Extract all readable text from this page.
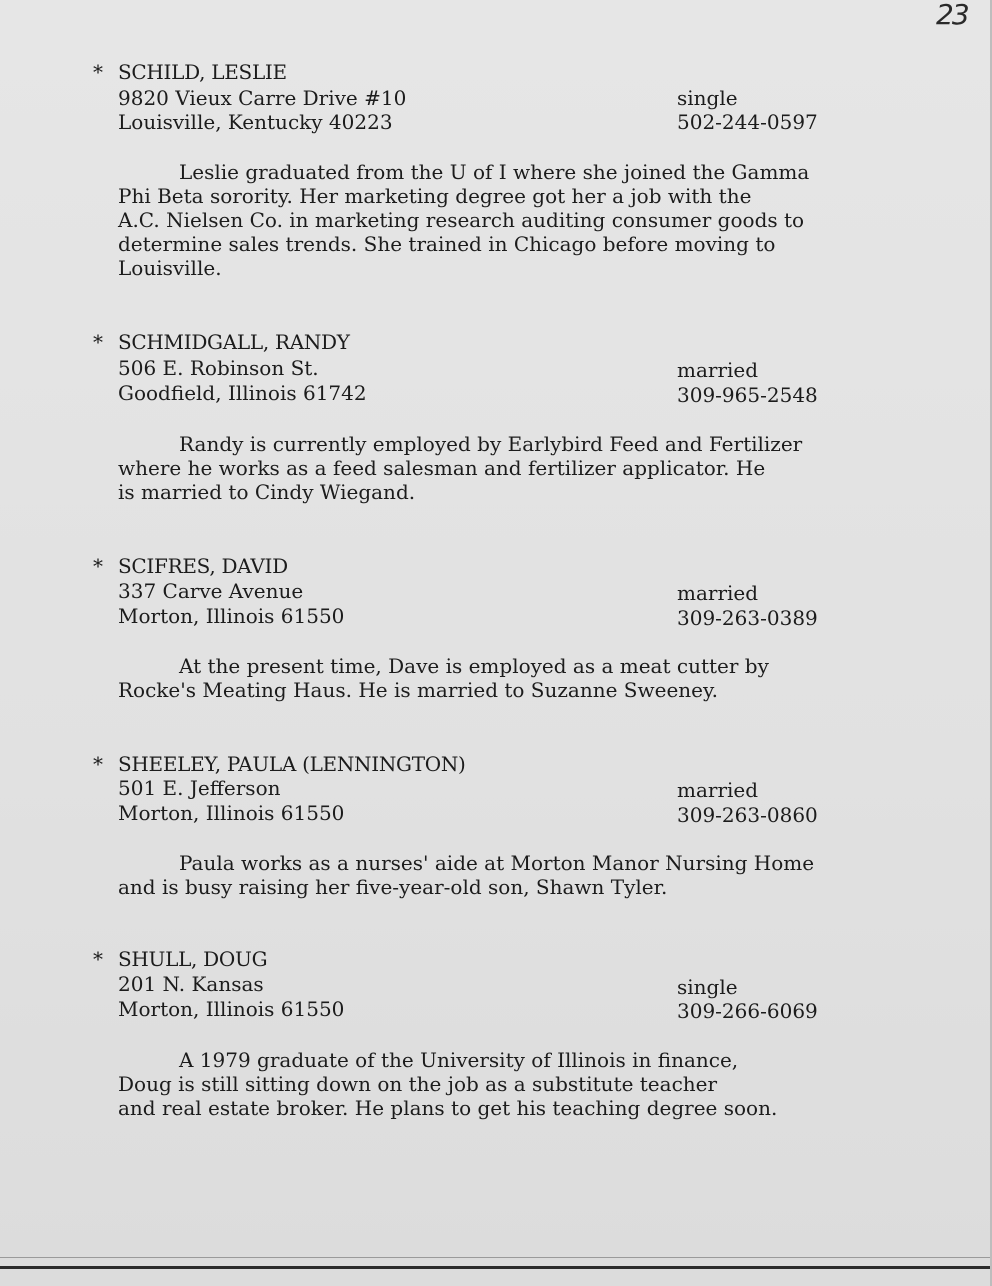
23
* SCHILD, LESLIE
9820 Vieux Carre Drive #10	single
Louisville, Kentucky 40223	502-244-0597
Leslie graduated from the U of I where she joined the Gamma
Phi Beta sorority. Her marketing degree got her a job with the
A.C. Nielsen Co. in marketing research auditing consumer goods to
determine sales trends. She trained in Chicago before moving to
Louisville.
* SCHMIDGALL, RANDY
506 E. Robinson St.	married
Goodfield, Illinois 61742	309-965-2548
Randy is currently employed by Earlybird Feed and Fertilizer
where he works as a feed salesman and fertilizer applicator. He
is married to Cindy Wiegand.
* SCIFRES, DAVID
337 Carve Avenue	married
Morton, Illinois 61550	309-263-0389
At the present time, Dave is employed as a meat cutter by
Rocke's Meating Haus. He is married to Suzanne Sweeney.
* SHEELEY, PAULA (LENNINGTON)
501 E. Jefferson	married
Morton, Illinois 61550	309-263-0860
Paula works as a nurses' aide at Morton Manor Nursing Home
and is busy raising her five-year-old son, Shawn Tyler.
* SHULL, DOUG
201 N. Kansas	single
Morton, Illinois 61550	309-266-6069
A 1979 graduate of the University of Illinois in finance,
Doug is still sitting down on the job as a substitute teacher
and real estate broker. He plans to get his teaching degree soon.
